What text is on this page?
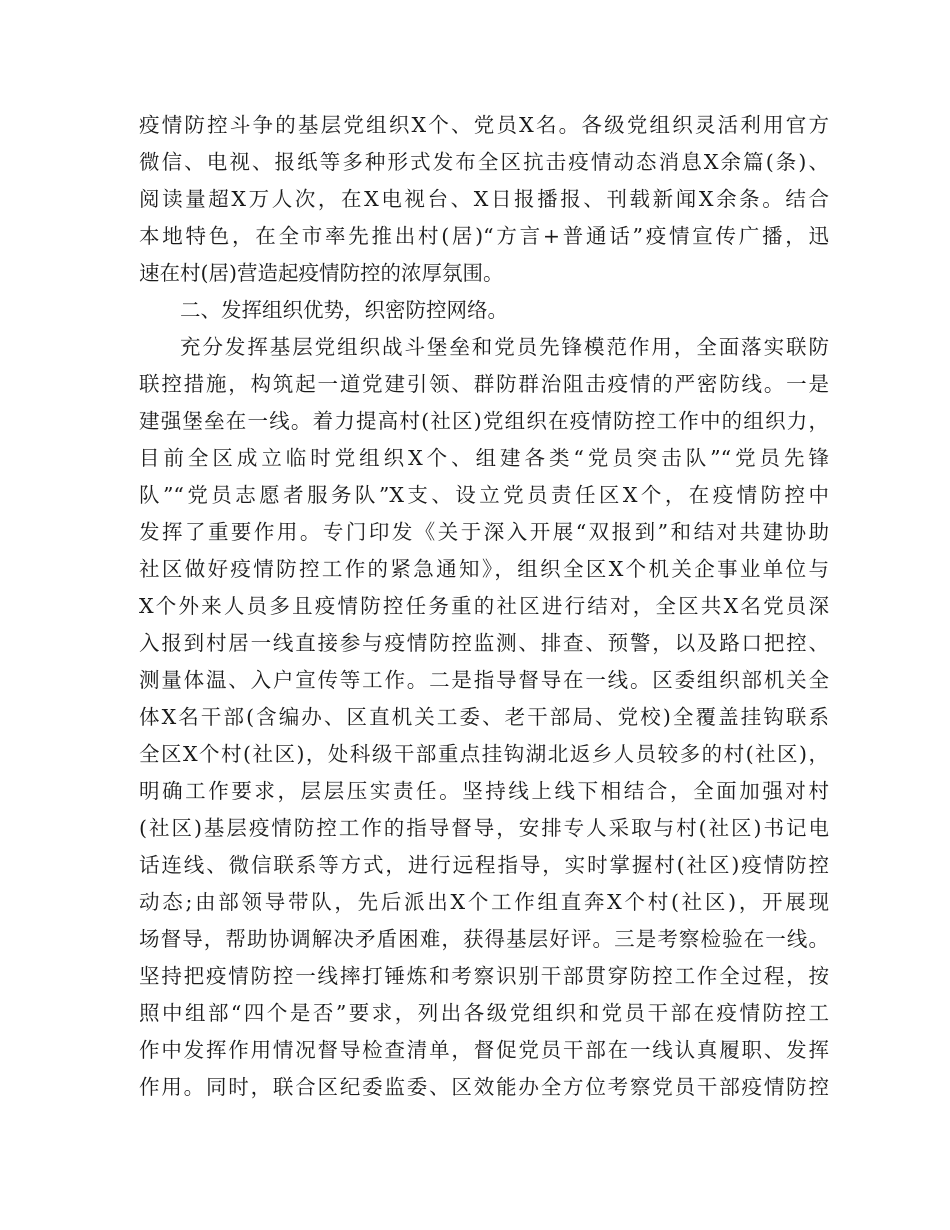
疫情防控斗争的基层党组织X个、党员X名。各级党组织灵活利用官方
微信、电视、报纸等多种形式发布全区抗击疫情动态消息X余篇(条)、
阅读量超X万人次，在X电视台、X日报播报、刊载新闻X余条。结合
本地特色，在全市率先推出村(居)“方言+普通话”疫情宣传广播，迅
速在村(居)营造起疫情防控的浓厚氛围。
二、发挥组织优势，织密防控网络。
充分发挥基层党组织战斗堡垒和党员先锋模范作用，全面落实联防
联控措施，构筑起一道党建引领、群防群治阻击疫情的严密防线。一是
建强堡垒在一线。着力提高村(社区)党组织在疫情防控工作中的组织力，
目前全区成立临时党组织X个、组建各类“党员突击队”“党员先锋
队”“党员志愿者服务队”X支、设立党员责任区X个，在疫情防控中
发挥了重要作用。专门印发《关于深入开展“双报到”和结对共建协助
社区做好疫情防控工作的紧急通知》，组织全区X个机关企事业单位与
X个外来人员多且疫情防控任务重的社区进行结对，全区共X名党员深
入报到村居一线直接参与疫情防控监测、排查、预警，以及路口把控、
测量体温、入户宣传等工作。二是指导督导在一线。区委组织部机关全
体X名干部(含编办、区直机关工委、老干部局、党校)全覆盖挂钩联系
全区X个村(社区)，处科级干部重点挂钩湖北返乡人员较多的村(社区)，
明确工作要求，层层压实责任。坚持线上线下相结合，全面加强对村
(社区)基层疫情防控工作的指导督导，安排专人采取与村(社区)书记电
话连线、微信联系等方式，进行远程指导，实时掌握村(社区)疫情防控
动态;由部领导带队，先后派出X个工作组直奔X个村(社区)，开展现
场督导，帮助协调解决矛盾困难，获得基层好评。三是考察检验在一线。
坚持把疫情防控一线摔打锤炼和考察识别干部贯穿防控工作全过程，按
照中组部“四个是否”要求，列出各级党组织和党员干部在疫情防控工
作中发挥作用情况督导检查清单，督促党员干部在一线认真履职、发挥
作用。同时，联合区纪委监委、区效能办全方位考察党员干部疫情防控
